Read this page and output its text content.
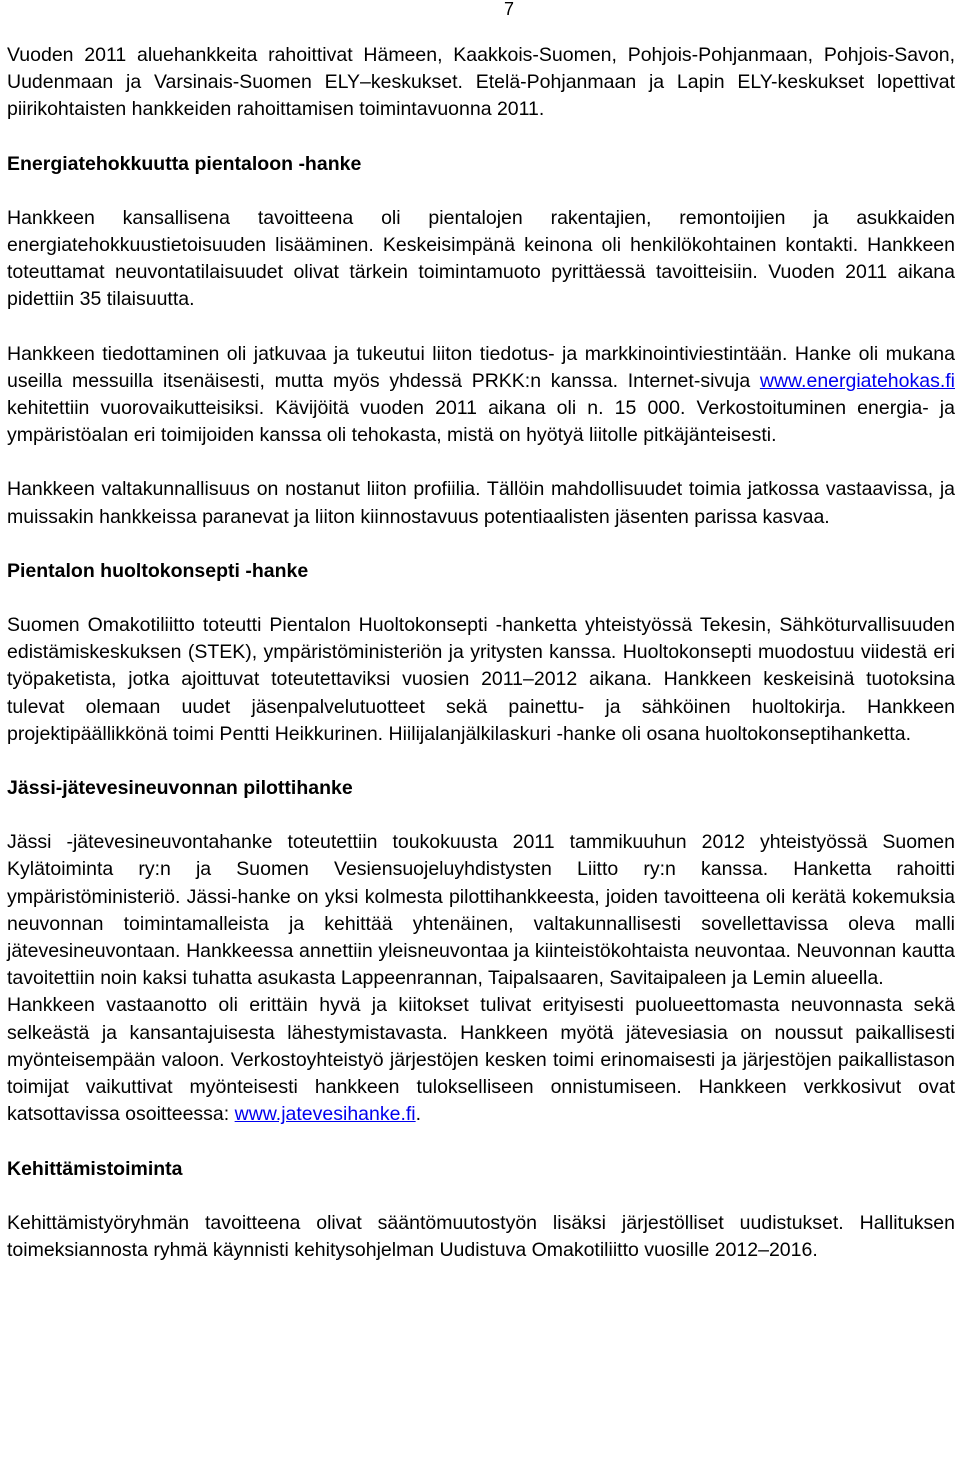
7

Vuoden 2011 aluehankkeita rahoittivat Hämeen, Kaakkois-Suomen, Pohjois-Pohjanmaan, Pohjois-Savon, Uudenmaan ja Varsinais-Suomen ELY–keskukset. Etelä-Pohjanmaan ja Lapin ELY-keskukset lopettivat piirikohtaisten hankkeiden rahoittamisen toimintavuonna 2011.

Energiatehokkuutta pientaloon -hanke

Hankkeen kansallisena tavoitteena oli pientalojen rakentajien, remontoijien ja asukkaiden energiatehokkuustietoisuuden lisääminen. Keskeisimpänä keinona oli henkilökohtainen kontakti. Hankkeen toteuttamat neuvontatilaisuudet olivat tärkein toimintamuoto pyrittäessä tavoitteisiin. Vuoden 2011 aikana pidettiin 35 tilaisuutta.

Hankkeen tiedottaminen oli jatkuvaa ja tukeutui liiton tiedotus- ja markkinointiviestintään. Hanke oli mukana useilla messuilla itsenäisesti, mutta myös yhdessä PRKK:n kanssa. Internet-sivuja www.energiatehokas.fi kehitettiin vuorovaikutteisiksi. Kävijöitä vuoden 2011 aikana oli n. 15 000. Verkostoituminen energia- ja ympäristöalan eri toimijoiden kanssa oli tehokasta, mistä on hyötyä liitolle pitkäjänteisesti.

Hankkeen valtakunnallisuus on nostanut liiton profiilia. Tällöin mahdollisuudet toimia jatkossa vastaavissa, ja muissakin hankkeissa paranevat ja liiton kiinnostavuus potentiaalisten jäsenten parissa kasvaa.

Pientalon huoltokonsepti -hanke

Suomen Omakotiliitto toteutti Pientalon Huoltokonsepti -hanketta yhteistyössä Tekesin, Sähköturvallisuuden edistämiskeskuksen (STEK), ympäristöministeriön ja yritysten kanssa. Huoltokonsepti muodostuu viidestä eri työpaketista, jotka ajoittuvat toteutettaviksi vuosien 2011–2012 aikana. Hankkeen keskeisinä tuotoksina tulevat olemaan uudet jäsenpalvelutuotteet sekä painettu- ja sähköinen huoltokirja. Hankkeen projektipäällikkönä toimi Pentti Heikkurinen. Hiilijalanjälkilaskuri -hanke oli osana huoltokonseptihanketta.

Jässi-jätevesineuvonnan pilottihanke

Jässi -jätevesineuvontahanke toteutettiin toukokuusta 2011 tammikuuhun 2012 yhteistyössä Suomen Kylätoiminta ry:n ja Suomen Vesiensuojeluyhdistysten Liitto ry:n kanssa. Hanketta rahoitti ympäristöministeriö. Jässi-hanke on yksi kolmesta pilottihankkeesta, joiden tavoitteena oli kerätä kokemuksia neuvonnan toimintamalleista ja kehittää yhtenäinen, valtakunnallisesti sovellettavissa oleva malli jätevesineuvontaan. Hankkeessa annettiin yleisneuvontaa ja kiinteistökohtaista neuvontaa. Neuvonnan kautta tavoitettiin noin kaksi tuhatta asukasta Lappeenrannan, Taipalsaaren, Savitaipaleen ja Lemin alueella.

Hankkeen vastaanotto oli erittäin hyvä ja kiitokset tulivat erityisesti puolueettomasta neuvonnasta sekä selkeästä ja kansantajuisesta lähestymistavasta. Hankkeen myötä jätevesiasia on noussut paikallisesti myönteisempään valoon. Verkostoyhteistyö järjestöjen kesken toimi erinomaisesti ja järjestöjen paikallistason toimijat vaikuttivat myönteisesti hankkeen tulokselliseen onnistumiseen. Hankkeen verkkosivut ovat katsottavissa osoitteessa: www.jatevesihanke.fi.

Kehittämistoiminta

Kehittämistyöryhmän tavoitteena olivat sääntömuutostyön lisäksi järjestölliset uudistukset. Hallituksen toimeksiannosta ryhmä käynnisti kehitysohjelman Uudistuva Omakotiliitto vuosille 2012–2016.
